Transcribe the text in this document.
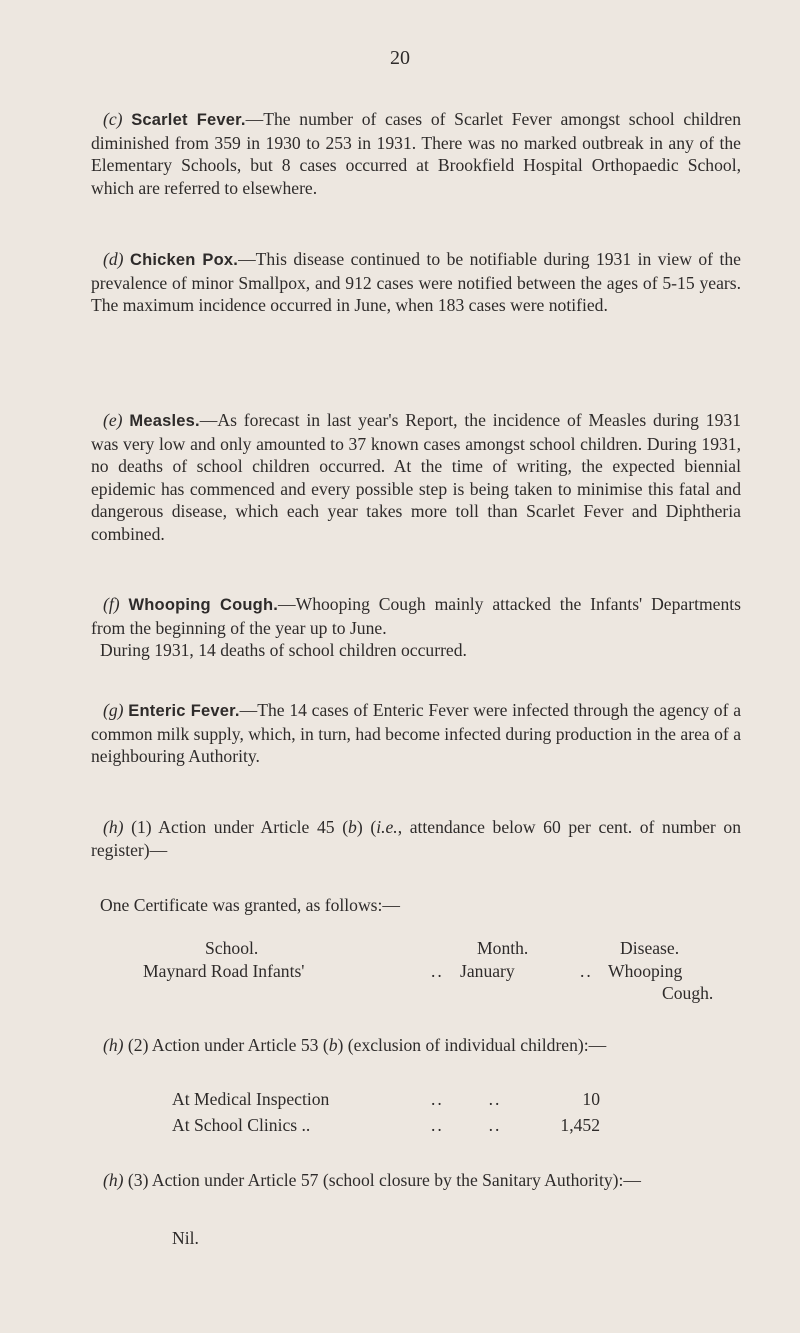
20

(c) Scarlet Fever.—The number of cases of Scarlet Fever amongst school children diminished from 359 in 1930 to 253 in 1931. There was no marked outbreak in any of the Elementary Schools, but 8 cases occurred at Brookfield Hospital Orthopaedic School, which are referred to elsewhere.

(d) Chicken Pox.—This disease continued to be notifiable during 1931 in view of the prevalence of minor Smallpox, and 912 cases were notified between the ages of 5-15 years. The maximum incidence occurred in June, when 183 cases were notified.

(e) Measles.—As forecast in last year's Report, the incidence of Measles during 1931 was very low and only amounted to 37 known cases amongst school children. During 1931, no deaths of school children occurred. At the time of writing, the expected biennial epidemic has commenced and every possible step is being taken to minimise this fatal and dangerous disease, which each year takes more toll than Scarlet Fever and Diphtheria combined.

(f) Whooping Cough.—Whooping Cough mainly attacked the Infants' Departments from the beginning of the year up to June.

During 1931, 14 deaths of school children occurred.

(g) Enteric Fever.—The 14 cases of Enteric Fever were infected through the agency of a common milk supply, which, in turn, had become infected during production in the area of a neighbouring Authority.

(h) (1) Action under Article 45 (b) (i.e., attendance below 60 per cent. of number on register)—

One Certificate was granted, as follows:—
School.	Month.	Disease.
Maynard Road Infants'	.. January	.. Whooping
Cough.

(h) (2) Action under Article 53 (b) (exclusion of individual children):—

At Medical Inspection	..       ..	10
At School Clinics ..	..       ..	1,452

(h) (3) Action under Article 57 (school closure by the Sanitary Authority):—

Nil.
